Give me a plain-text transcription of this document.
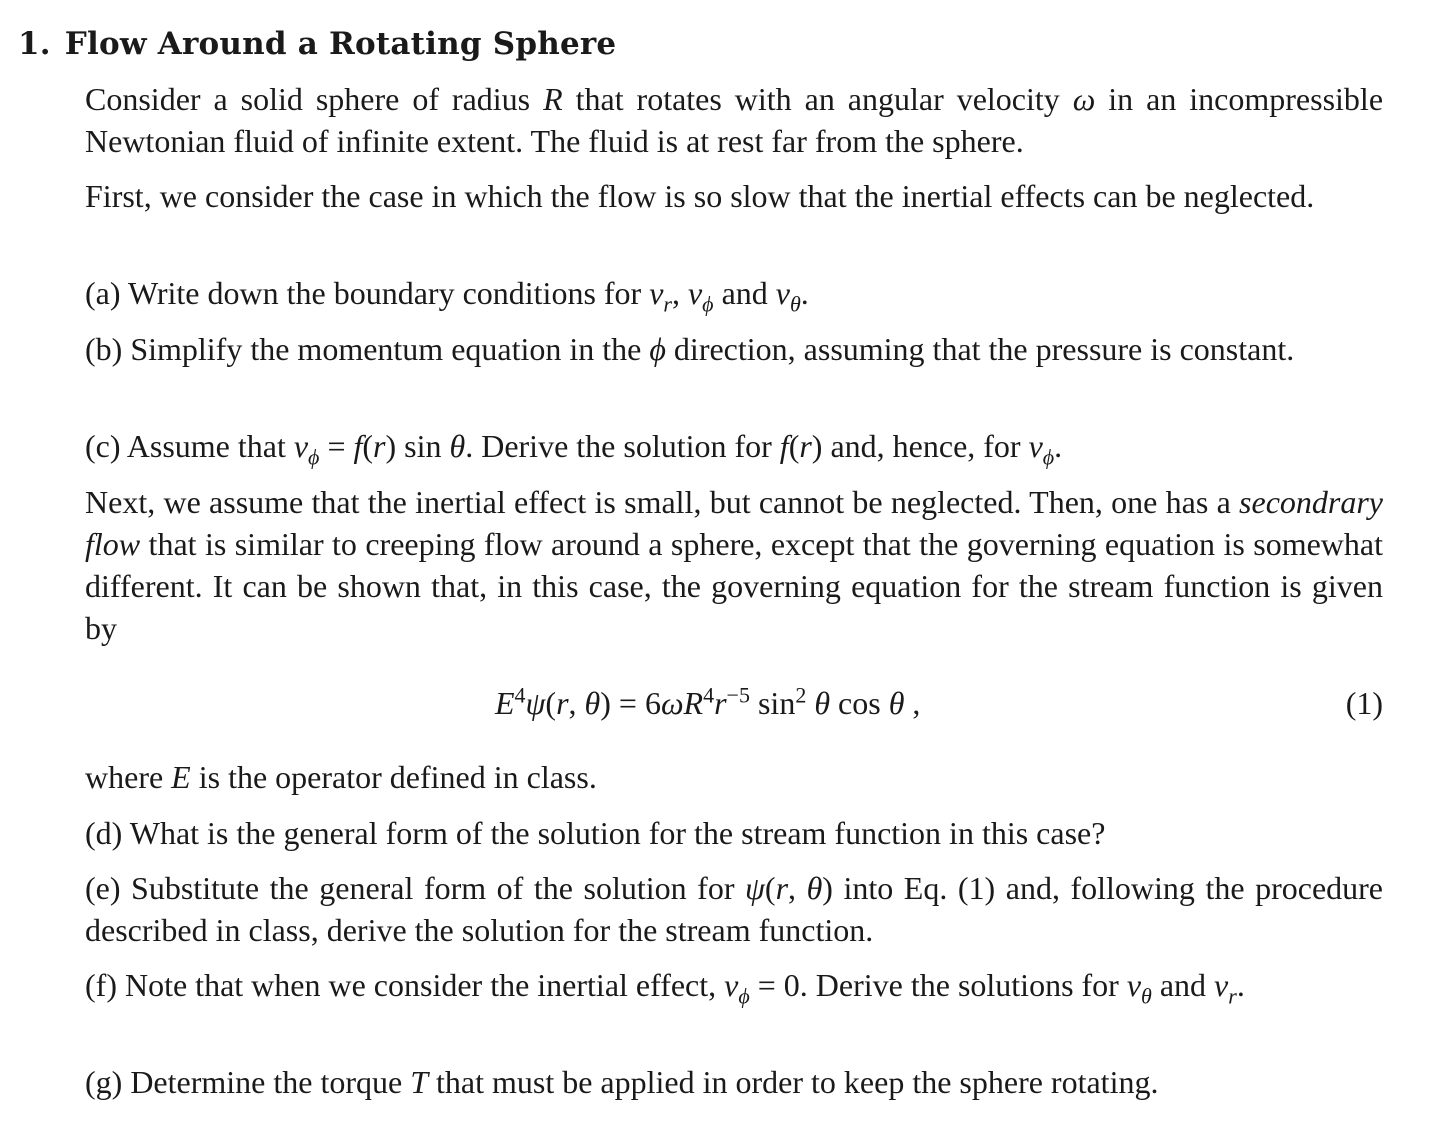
1. Flow Around a Rotating Sphere

Consider a solid sphere of radius R that rotates with an angular velocity ω in an incompressible Newtonian fluid of infinite extent. The fluid is at rest far from the sphere.

First, we consider the case in which the flow is so slow that the inertial effects can be neglected.

(a) Write down the boundary conditions for $v_r$, $v_\phi$ and $v_\theta$.

(b) Simplify the momentum equation in the ϕ direction, assuming that the pressure is constant.

(c) Assume that $v_\phi = f(r)$ sin θ. Derive the solution for f(r) and, hence, for $v_\phi$.

Next, we assume that the inertial effect is small, but cannot be neglected. Then, one has a secondrary flow that is similar to creeping flow around a sphere, except that the governing equation is somewhat different. It can be shown that, in this case, the governing equation for the stream function is given by

$E^4\psi(r$, $\theta) = 6\omega R^4r^{-5}$ $\sin^2 \theta$ cos θ ,	(1)

where E is the operator defined in class.

(d) What is the general form of the solution for the stream function in this case?

(e) Substitute the general form of the solution for ψ(r, θ) into Eq. (1) and, following the procedure described in class, derive the solution for the stream function.

(f) Note that when we consider the inertial effect, $v_\phi = 0$. Derive the solutions for $v_\theta$ and $v_r$.

(g) Determine the torque T that must be applied in order to keep the sphere rotating.
